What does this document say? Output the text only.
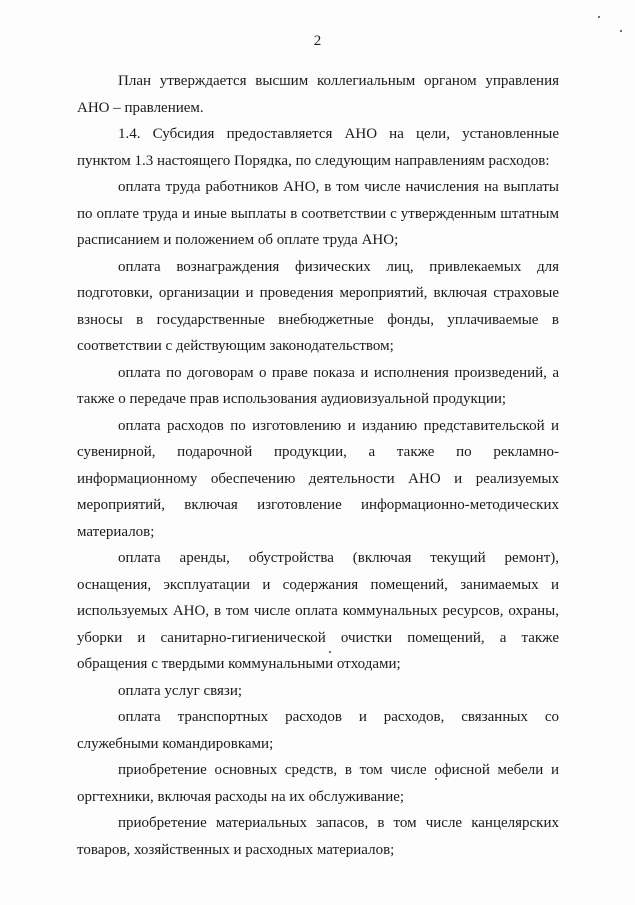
2

План утверждается высшим коллегиальным органом управления АНО – правлением.

1.4. Субсидия предоставляется АНО на цели, установленные пунктом 1.3 настоящего Порядка, по следующим направлениям расходов:

оплата труда работников АНО, в том числе начисления на выплаты по оплате труда и иные выплаты в соответствии с утвержденным штатным расписанием и положением об оплате труда АНО;

оплата вознаграждения физических лиц, привлекаемых для подготовки, организации и проведения мероприятий, включая страховые взносы в государственные внебюджетные фонды, уплачиваемые в соответствии с действующим законодательством;

оплата по договорам о праве показа и исполнения произведений, а также о передаче прав использования аудиовизуальной продукции;

оплата расходов по изготовлению и изданию представительской и сувенирной, подарочной продукции, а также по рекламно-информационному обеспечению деятельности АНО и реализуемых мероприятий, включая изготовление информационно-методических материалов;

оплата аренды, обустройства (включая текущий ремонт), оснащения, эксплуатации и содержания помещений, занимаемых и используемых АНО, в том числе оплата коммунальных ресурсов, охраны, уборки и санитарно-гигиенической очистки помещений, а также обращения с твердыми коммунальными отходами;

оплата услуг связи;

оплата транспортных расходов и расходов, связанных со служебными командировками;

приобретение основных средств, в том числе офисной мебели и оргтехники, включая расходы на их обслуживание;

приобретение материальных запасов, в том числе канцелярских товаров, хозяйственных и расходных материалов;
